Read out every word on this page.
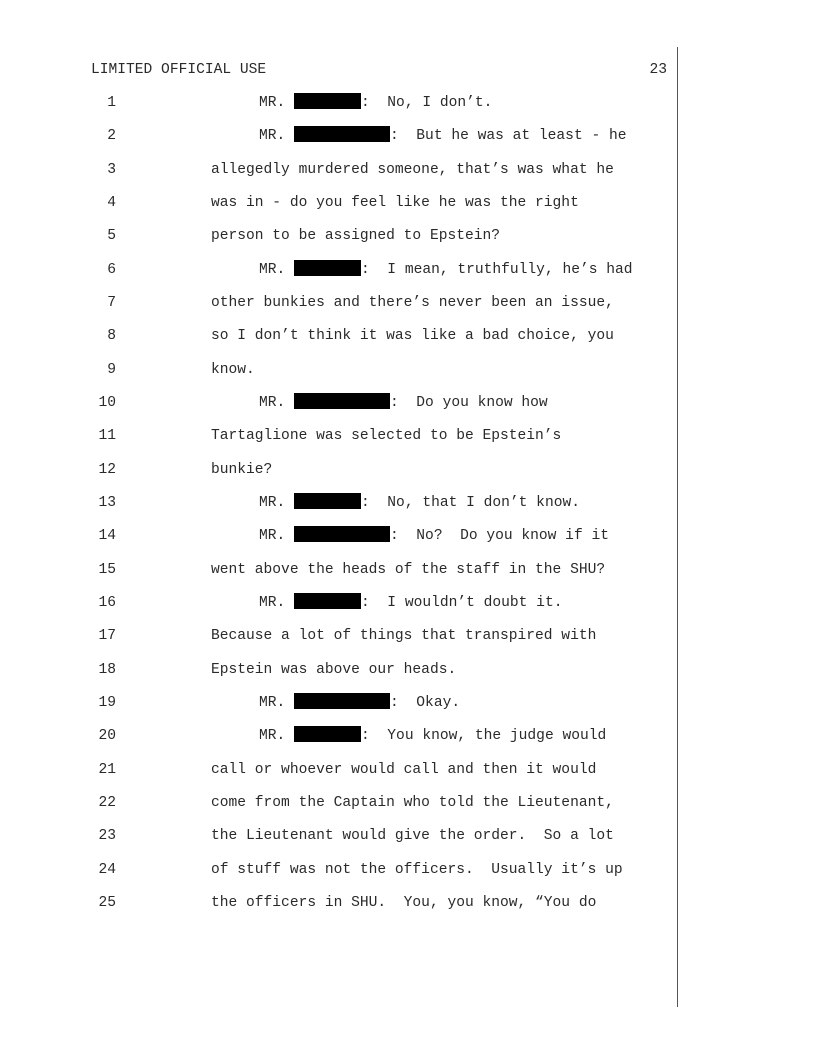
LIMITED OFFICIAL USE	23
1	MR.	:  No, I don’t.
2	MR.	:  But he was at least - he
3	allegedly murdered someone, that’s was what he
4	was in - do you feel like he was the right
5	person to be assigned to Epstein?
6	MR.	:  I mean, truthfully, he’s had
7	other bunkies and there’s never been an issue,
8	so I don’t think it was like a bad choice, you
9	know.
10	MR.	:  Do you know how
11	Tartaglione was selected to be Epstein’s
12	bunkie?
13	MR.	:  No, that I don’t know.
14	MR.	:  No?  Do you know if it
15	went above the heads of the staff in the SHU?
16	MR.	:  I wouldn’t doubt it.
17	Because a lot of things that transpired with
18	Epstein was above our heads.
19	MR.	:  Okay.
20	MR.	:  You know, the judge would
21	call or whoever would call and then it would
22	come from the Captain who told the Lieutenant,
23	the Lieutenant would give the order.  So a lot
24	of stuff was not the officers.  Usually it’s up
25	the officers in SHU.  You, you know, “You do
